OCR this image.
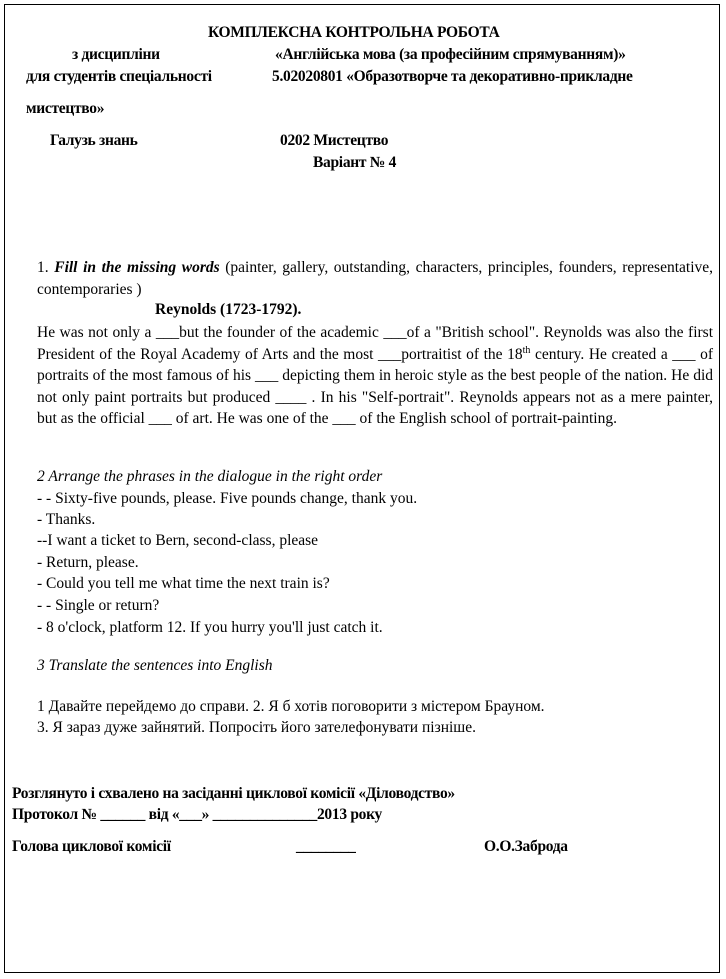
КОМПЛЕКСНА КОНТРОЛЬНА РОБОТА
з дисципліни	«Англійська мова (за професійним спрямуванням)»
для студентів спеціальності	5.02020801 «Образотворче та декоративно-прикладне
мистецтво»
Галузь знань	0202 Мистецтво
Варіант № 4
1. Fill in the missing words (painter, gallery, outstanding, characters, principles, founders, representative, contemporaries )
Reynolds (1723-1792).
He was not only a ___but the founder of the academic ___of a "British school". Reynolds was also the first President of the Royal Academy of Arts and the most ___portraitist of the 18th century. He created a ___ of portraits of the most famous of his ___ depicting them in heroic style as the best people of the nation. He did not only paint portraits but produced ____ . In his "Self-portrait". Reynolds appears not as a mere painter, but as the official ___ of art. He was one of the ___ of the English school of portrait-painting.
2 Arrange the phrases in the dialogue in the right order
- - Sixty-five pounds, please. Five pounds change, thank you.
- Thanks.
--I want a ticket to Bern, second-class, please
- Return, please.
- Could you tell me what time the next train is?
- - Single or return?
- 8 o'clock, platform 12. If you hurry you'll just catch it.
3 Translate the sentences into English
1 Давайте перейдемо до справи. 2. Я б хотів поговорити з містером Брауном.
3. Я зараз дуже зайнятий. Попросіть його зателефонувати пізніше.
Розглянуто і схвалено на засіданні циклової комісії «Діловодство»
Протокол № ______ від «___» ______________2013 року
Голова циклової комісії	________	О.О.Заброда
